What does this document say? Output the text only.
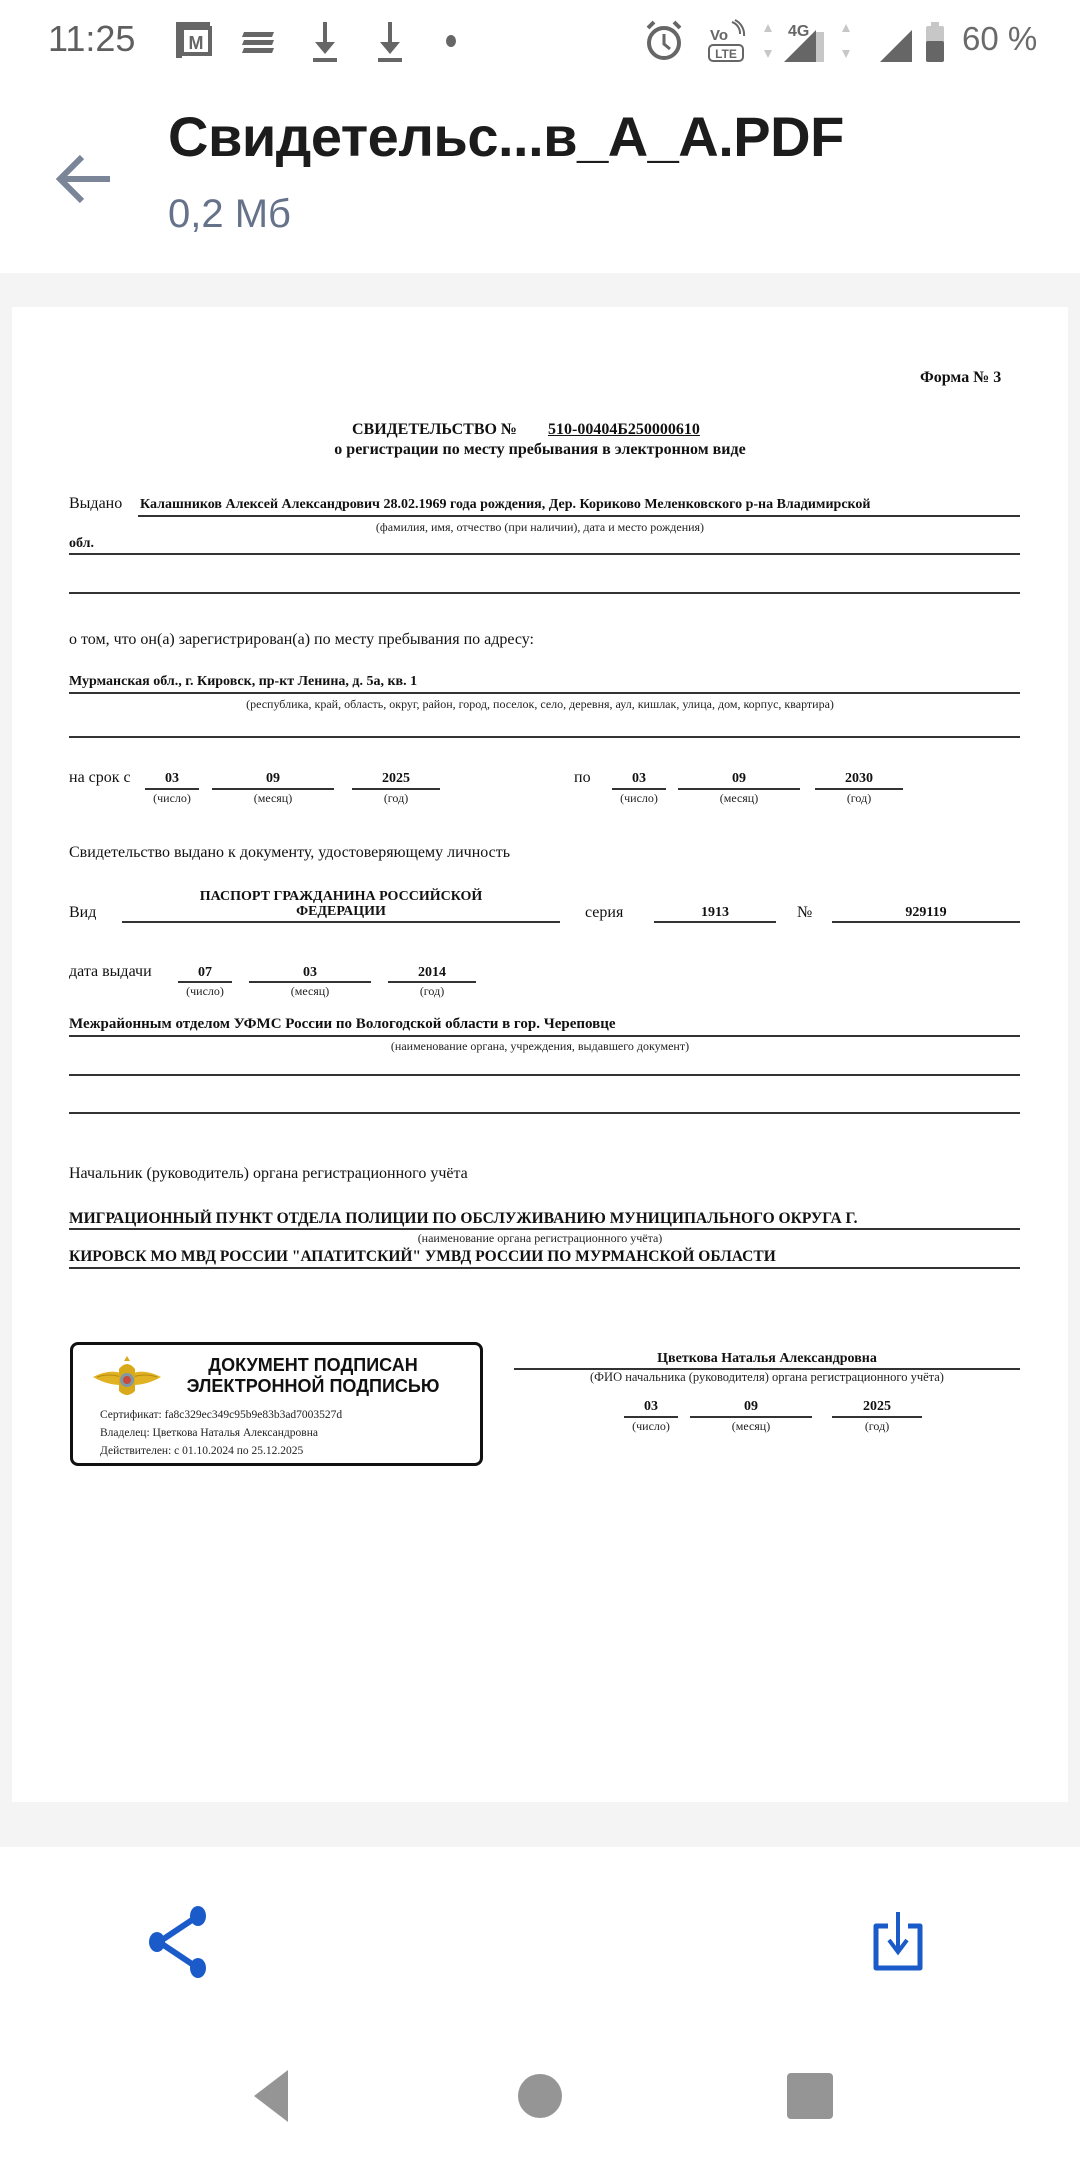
11:25	M	Vo
LTE
4G	60 %
Свидетельс...в_А_А.PDF
0,2 Мб
Форма № 3
СВИДЕТЕЛЬСТВО № 510-00404Б250000610
о регистрации по месту пребывания в электронном виде
Выдано Калашников Алексей Александрович 28.02.1969 года рождения, Дер. Кориково Меленковского р-на Владимирской
(фамилия, имя, отчество (при наличии), дата и место рождения)
обл.
о том, что он(а) зарегистрирован(а) по месту пребывания по адресу:
Мурманская обл., г. Кировск, пр-кт Ленина, д. 5а, кв. 1
(республика, край, область, округ, район, город, поселок, село, деревня, аул, кишлак, улица, дом, корпус, квартира)
на срок с	03
(число)
09
(месяц)
2025
(год)
по	03
(число)
09
(месяц)
2030
(год)
Свидетельство выдано к документу, удостоверяющему личность
Вид
ПАСПОРТ ГРАЖДАНИНА РОССИЙСКОЙ
ФЕДЕРАЦИИ	серия	1913	№	929119
дата выдачи	07
(число)
03
(месяц)
2014
(год)
Межрайонным отделом УФМС России по Вологодской области в гор. Череповце
(наименование органа, учреждения, выдавшего документ)
Начальник (руководитель) органа регистрационного учёта
МИГРАЦИОННЫЙ ПУНКТ ОТДЕЛА ПОЛИЦИИ ПО ОБСЛУЖИВАНИЮ МУНИЦИПАЛЬНОГО ОКРУГА Г.
(наименование органа регистрационного учёта)
КИРОВСК МО МВД РОССИИ "АПАТИТСКИЙ" УМВД РОССИИ ПО МУРМАНСКОЙ ОБЛАСТИ
ДОКУМЕНТ ПОДПИСАН
ЭЛЕКТРОННОЙ ПОДПИСЬЮ
Сертификат: fa8c329ec349c95b9e83b3ad7003527d
Владелец: Цветкова Наталья Александровна
Действителен: с 01.10.2024 по 25.12.2025
Цветкова Наталья Александровна
(ФИО начальника (руководителя) органа регистрационного учёта)
03
(число)
09
(месяц)
2025
(год)
